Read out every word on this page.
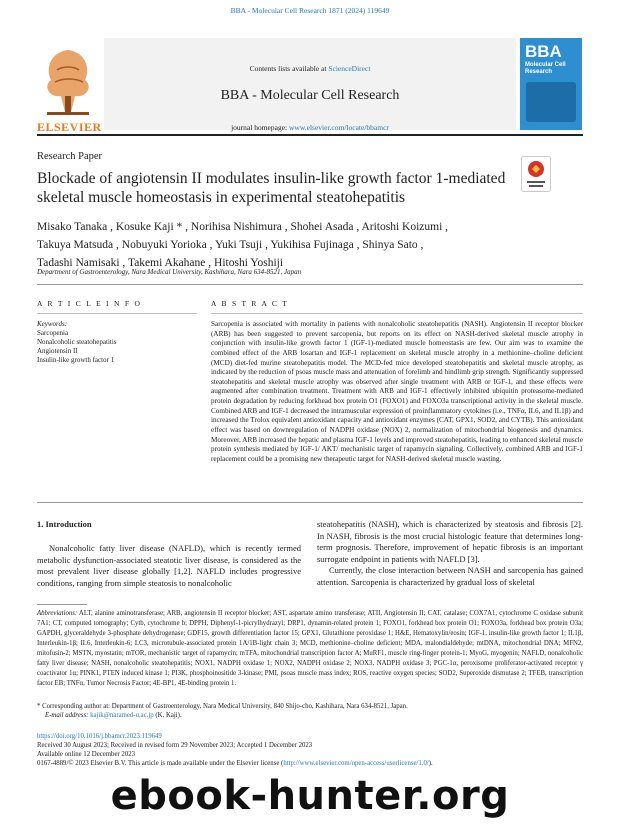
BBA - Molecular Cell Research 1871 (2024) 119649
ELSEVIER
Contents lists available at ScienceDirect
BBA - Molecular Cell Research
journal homepage: www.elsevier.com/locate/bbamcr
BBA
Molecular Cell
Research
Research Paper
Blockade of angiotensin II modulates insulin-like growth factor 1-mediated skeletal muscle homeostasis in experimental steatohepatitis
Misako Tanaka , Kosuke Kaji * , Norihisa Nishimura , Shohei Asada , Aritoshi Koizumi ,
Takuya Matsuda , Nobuyuki Yorioka , Yuki Tsuji , Yukihisa Fujinaga , Shinya Sato ,
Tadashi Namisaki , Takemi Akahane , Hitoshi Yoshiji
Department of Gastroenterology, Nara Medical University, Kashihara, Nara 634-8521, Japan
A R T I C L E I N F O	A B S T R A C T
Keywords:
Sarcopenia
Nonalcoholic steatohepatitis
Angiotensin II
Insulin-like growth factor 1
Sarcopenia is associated with mortality in patients with nonalcoholic steatohepatitis (NASH). Angiotensin II receptor blocker (ARB) has been suggested to prevent sarcopenia, but reports on its effect on NASH-derived skeletal muscle atrophy in conjunction with insulin-like growth factor 1 (IGF-1)-mediated muscle homeostasis are few. Our aim was to examine the combined effect of the ARB losartan and IGF-1 replacement on skeletal muscle atrophy in a methionine–choline deficient (MCD) diet-fed murine steatohepatitis model. The MCD-fed mice developed steatohepatitis and skeletal muscle atrophy, as indicated by the reduction of psoas muscle mass and attenuation of forelimb and hindlimb grip strength. Significantly suppressed steatohepatitis and skeletal muscle atrophy was observed after single treatment with ARB or IGF-1, and these effects were augmented after combination treatment. Treatment with ARB and IGF-1 effectively inhibited ubiquitin proteasome-mediated protein degradation by reducing forkhead box protein O1 (FOXO1) and FOXO3a transcriptional activity in the skeletal muscle. Combined ARB and IGF-1 decreased the intramuscular expression of proinflammatory cytokines (i.e., TNFα, IL6, and IL1β) and increased the Trolox equivalent antioxidant capacity and antioxidant enzymes (CAT, GPX1, SOD2, and CYTB). This antioxidant effect was based on downregulation of NADPH oxidase (NOX) 2, normalization of mitochondrial biogenesis and dynamics. Moreover, ARB increased the hepatic and plasma IGF-1 levels and improved steatohepatitis, leading to enhanced skeletal muscle protein synthesis mediated by IGF-1/ AKT/ mechanistic target of rapamycin signaling. Collectively, combined ARB and IGF-1 replacement could be a promising new therapeutic target for NASH-derived skeletal muscle wasting.
1. Introduction
Nonalcoholic fatty liver disease (NAFLD), which is recently termed metabolic dysfunction-associated steatotic liver disease, is considered as the most prevalent liver disease globally [1,2]. NAFLD includes progressive conditions, ranging from simple steatosis to nonalcoholic
steatohepatitis (NASH), which is characterized by steatosis and fibrosis [2]. In NASH, fibrosis is the most crucial histologic feature that determines long-term prognosis. Therefore, improvement of hepatic fibrosis is an important surrogate endpoint in patients with NAFLD [3].
Currently, the close interaction between NASH and sarcopenia has gained attention. Sarcopenia is characterized by gradual loss of skeletal
Abbreviations: ALT, alanine aminotransferase; ARB, angiotensin II receptor blocker; AST, aspartate amino transferase; ATII, Angiotensin II; CAT, catalase; COX7A1, cytochrome C oxidase subunit 7A1; CT, computed tomography; Cytb, cytochrome b; DPPH, Diphenyl-1-picrylhydrazyl; DRP1, dynamin-related protein 1; FOXO1, forkhead box protein O1; FOXO3a, forkhead box protein O3a; GAPDH, glyceraldehyde 3-phosphate dehydrogenase; GDF15, growth differentiation factor 15; GPX1, Glutathione peroxidase 1; H&E, Hematoxylin/eosin; IGF-1, insulin-like growth factor 1; IL1β, Interleukin-1β; IL6, Interleukin-6; LC3, microtubule-associated protein 1A/1B-light chain 3; MCD, methionine–choline deficient; MDA, malondialdehyde; mtDNA, mitochondrial DNA; MFN2, mitofusin-2; MSTN, myostatin; mTOR, mechanistic target of rapamycin; mTFA, mitochondrial transcription factor A; MuRF1, muscle ring-finger protein-1; MyoG, myogenin; NAFLD, nonalcoholic fatty liver disease; NASH, nonalcoholic steatohepatitis; NOX1, NADPH oxidase 1; NOX2, NADPH oxidase 2; NOX3, NADPH oxidase 3; PGC-1α, peroxisome proliferator-activated receptor γ coactivator 1α; PINK1, PTEN induced kinase 1; PI3K, phosphoinositide 3-kinase; PMI, psoas muscle mass index; ROS, reactive oxygen species; SOD2, Superoxide dismutase 2; TFEB, transcription factor EB; TNFα, Tumor Necrosis Factor; 4E-BP1, 4E-binding protein 1.
* Corresponding author at: Department of Gastroenterology, Nara Medical University, 840 Shijo-cho, Kashihara, Nara 634-8521, Japan.
E-mail address: kajik@naramed-u.ac.jp (K. Kaji).
https://doi.org/10.1016/j.bbamcr.2023.119649
Received 30 August 2023; Received in revised form 29 November 2023; Accepted 1 December 2023
Available online 12 December 2023
0167-4889/© 2023 Elsevier B.V. This article is made available under the Elsevier license (http://www.elsevier.com/open-access/userlicense/1.0/).
ebook-hunter.org
